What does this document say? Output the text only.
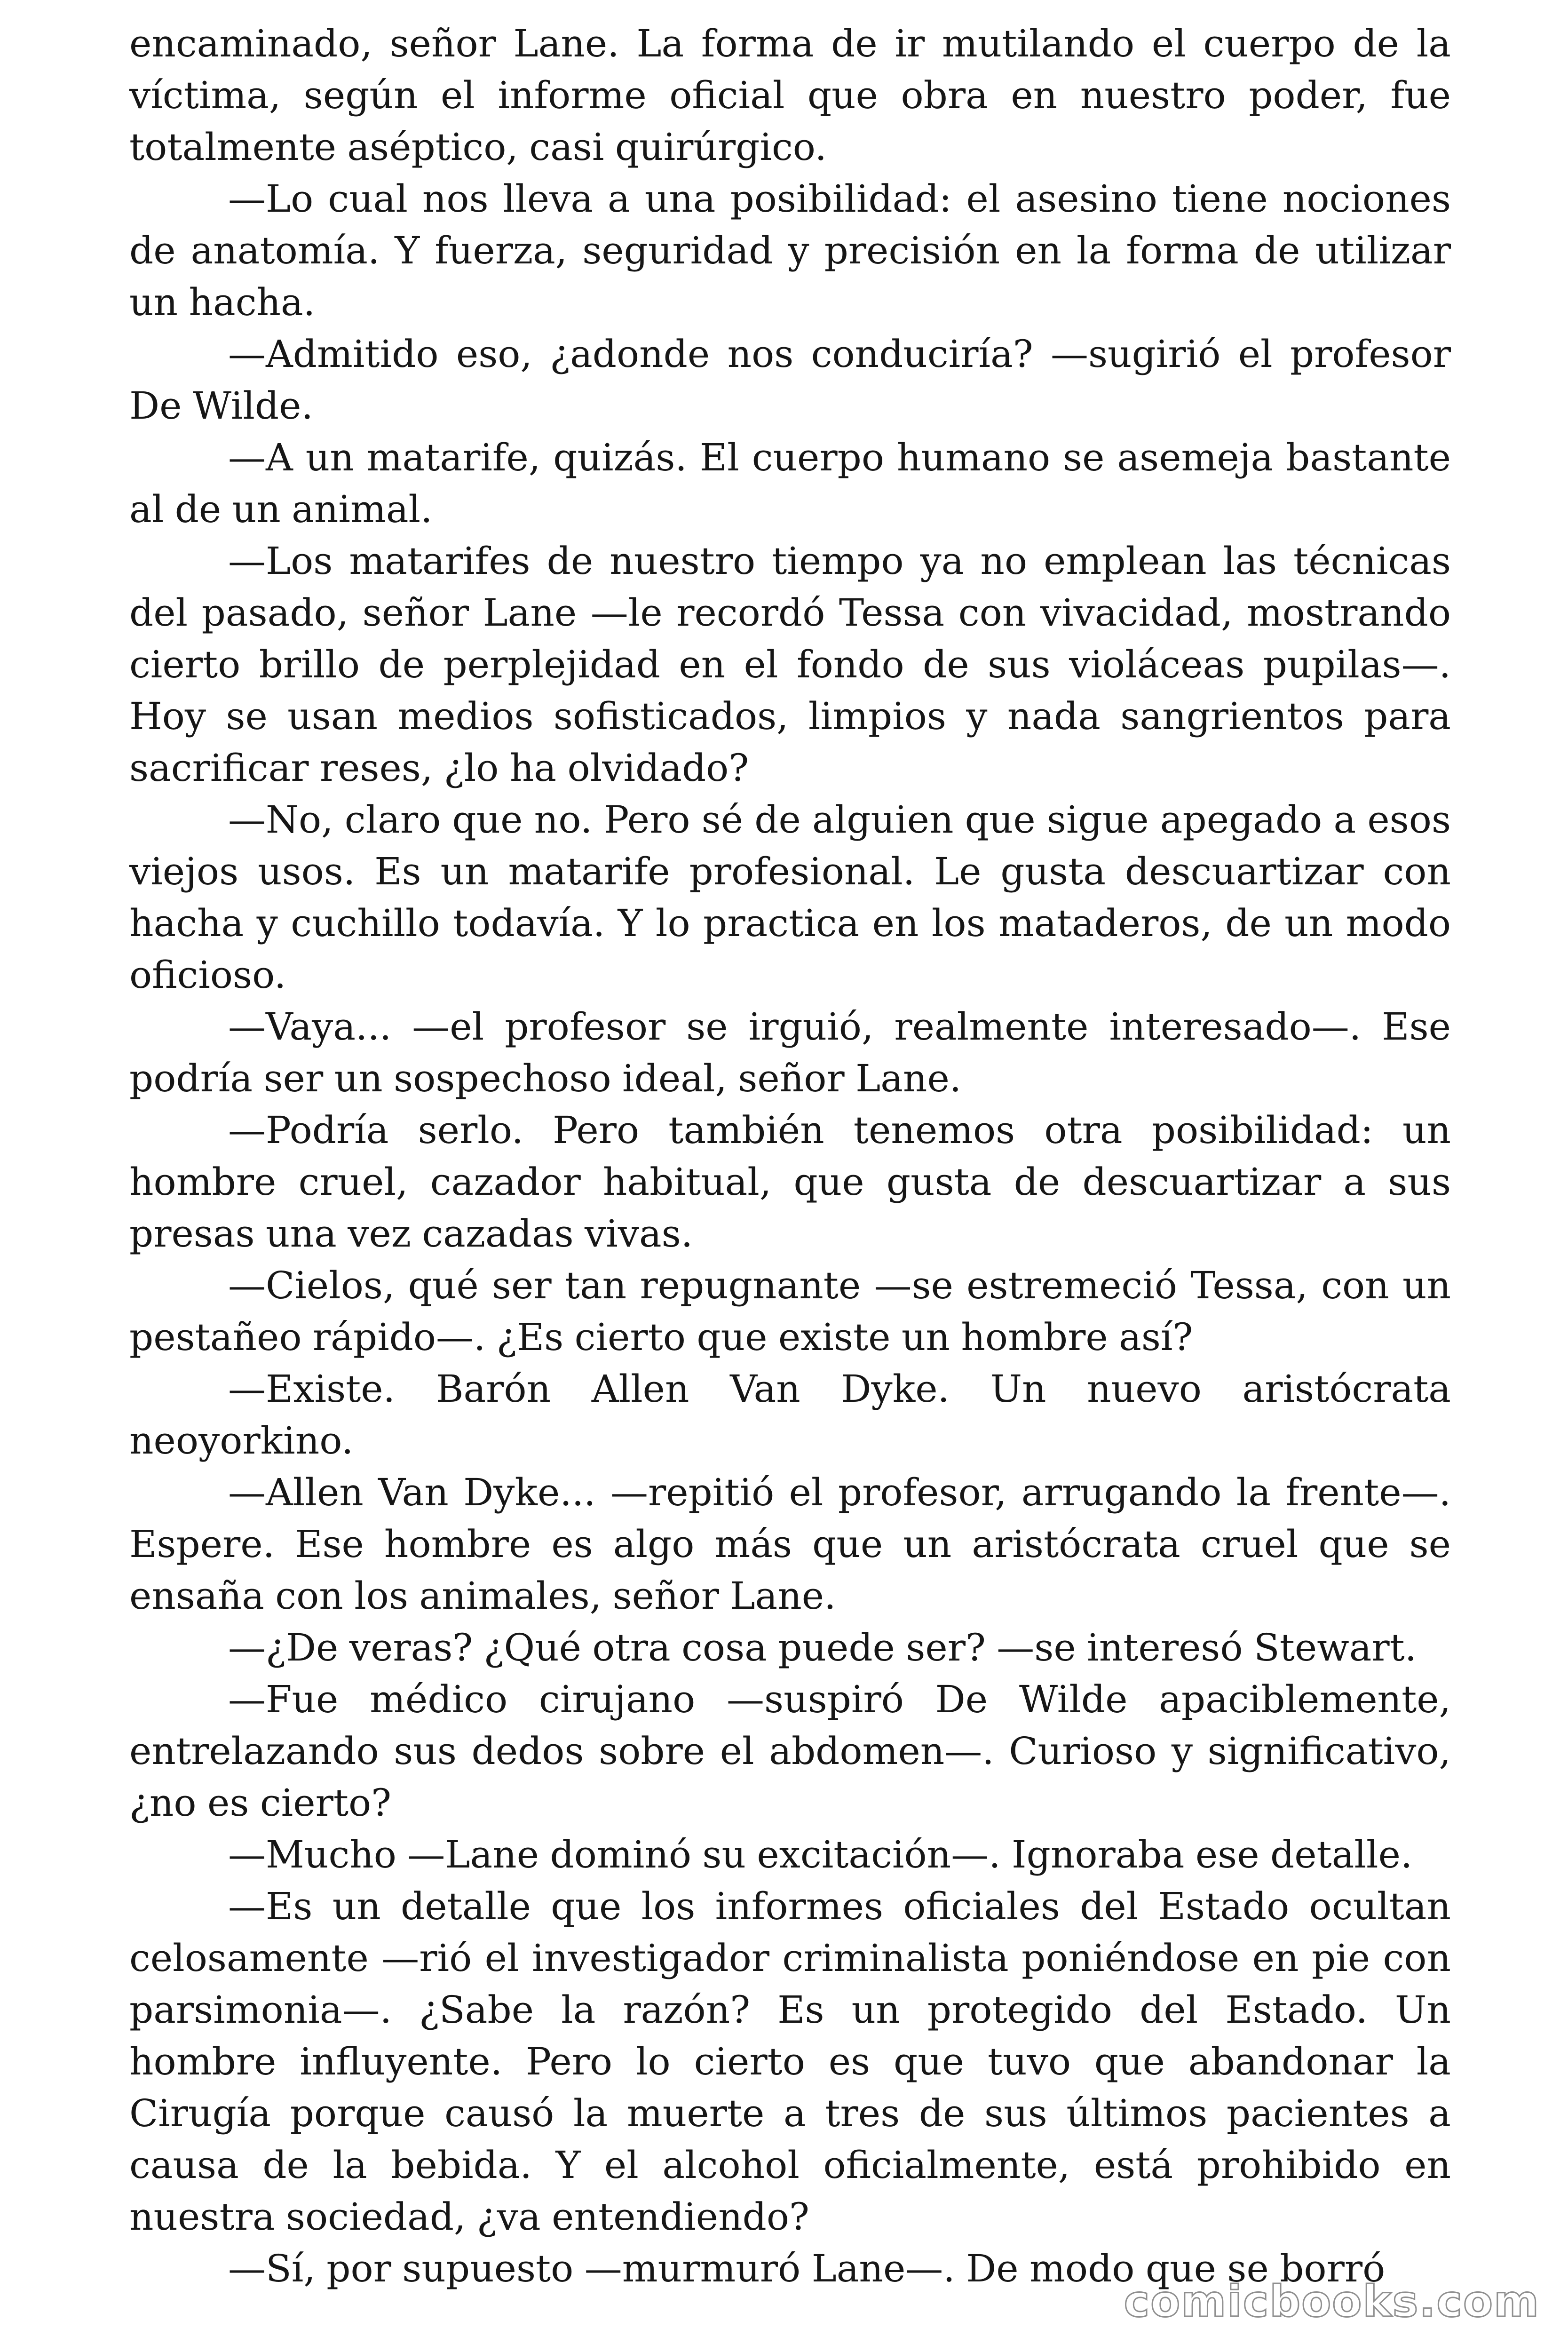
encaminado, señor Lane. La forma de ir mutilando el cuerpo de la víctima, según el informe oficial que obra en nuestro poder, fue totalmente aséptico, casi quirúrgico.

—Lo cual nos lleva a una posibilidad: el asesino tiene nociones de anatomía. Y fuerza, seguridad y precisión en la forma de utilizar un hacha.

—Admitido eso, ¿adonde nos conduciría? —sugirió el profesor De Wilde.

—A un matarife, quizás. El cuerpo humano se asemeja bastante al de un animal.

—Los matarifes de nuestro tiempo ya no emplean las técnicas del pasado, señor Lane —le recordó Tessa con vivacidad, mostrando cierto brillo de perplejidad en el fondo de sus violáceas pupilas—. Hoy se usan medios sofisticados, limpios y nada sangrientos para sacrificar reses, ¿lo ha olvidado?

—No, claro que no. Pero sé de alguien que sigue apegado a esos viejos usos. Es un matarife profesional. Le gusta descuartizar con hacha y cuchillo todavía. Y lo practica en los mataderos, de un modo oficioso.

—Vaya... —el profesor se irguió, realmente interesado—. Ese podría ser un sospechoso ideal, señor Lane.

—Podría serlo. Pero también tenemos otra posibilidad: un hombre cruel, cazador habitual, que gusta de descuartizar a sus presas una vez cazadas vivas.

—Cielos, qué ser tan repugnante —se estremeció Tessa, con un pestañeo rápido—. ¿Es cierto que existe un hombre así?

—Existe. Barón Allen Van Dyke. Un nuevo aristócrata neoyorkino.

—Allen Van Dyke... —repitió el profesor, arrugando la frente—. Espere. Ese hombre es algo más que un aristócrata cruel que se ensaña con los animales, señor Lane.

—¿De veras? ¿Qué otra cosa puede ser? —se interesó Stewart.

—Fue médico cirujano —suspiró De Wilde apaciblemente, entrelazando sus dedos sobre el abdomen—. Curioso y significativo, ¿no es cierto?

—Mucho —Lane dominó su excitación—. Ignoraba ese detalle.

—Es un detalle que los informes oficiales del Estado ocultan celosamente —rió el investigador criminalista poniéndose en pie con parsimonia—. ¿Sabe la razón? Es un protegido del Estado. Un hombre influyente. Pero lo cierto es que tuvo que abandonar la Cirugía porque causó la muerte a tres de sus últimos pacientes a causa de la bebida. Y el alcohol oficialmente, está prohibido en nuestra sociedad, ¿va entendiendo?

—Sí, por supuesto —murmuró Lane—. De modo que se borró

comicbooks.com
